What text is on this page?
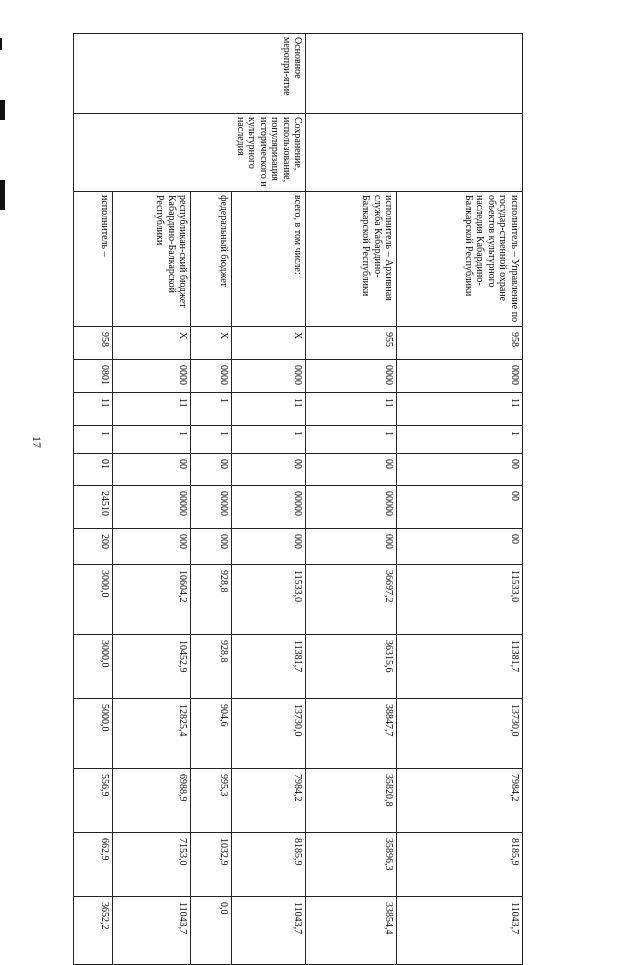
17
		исполнитель – Управление по государ-ственной охране объектов культурного наследия Кабардино-Балкарской Республики	958	0000	11	1	00	00	00	11533,0	11381,7	13730,0	7984,2	8185,9	11043,7
		исполнитель – Архивная служба Кабардино-Балкарской Республики	955	0000	11	1	00	00000	000	36697,2	36315,6	38847,7	35820,8	35896,3	33854,4
Основное меропри-ятие	Сохранение, использование, популяризация исторического и культурного наследия	всего, в том числе:	X	0000	11	1	00	00000	000	11533,0	11381,7	13730,0	7984,2	8185,9	11043,7
		федеральный бюджет	X	0000	1	1	00	00000	000	928,8	928,8	904,6	995,3	1032,9	0,0
		республикан-ский бюджет Кабардино-Балкарской Республики	X	0000	11	1	00	00000	000	10604,2	10452,9	12825,4	6988,9	7153,0	11043,7
		исполнитель –	958	0801	11	1	01	24510	200	3000,0	3000,0	5000,0	556,9	662,9	3652,2
